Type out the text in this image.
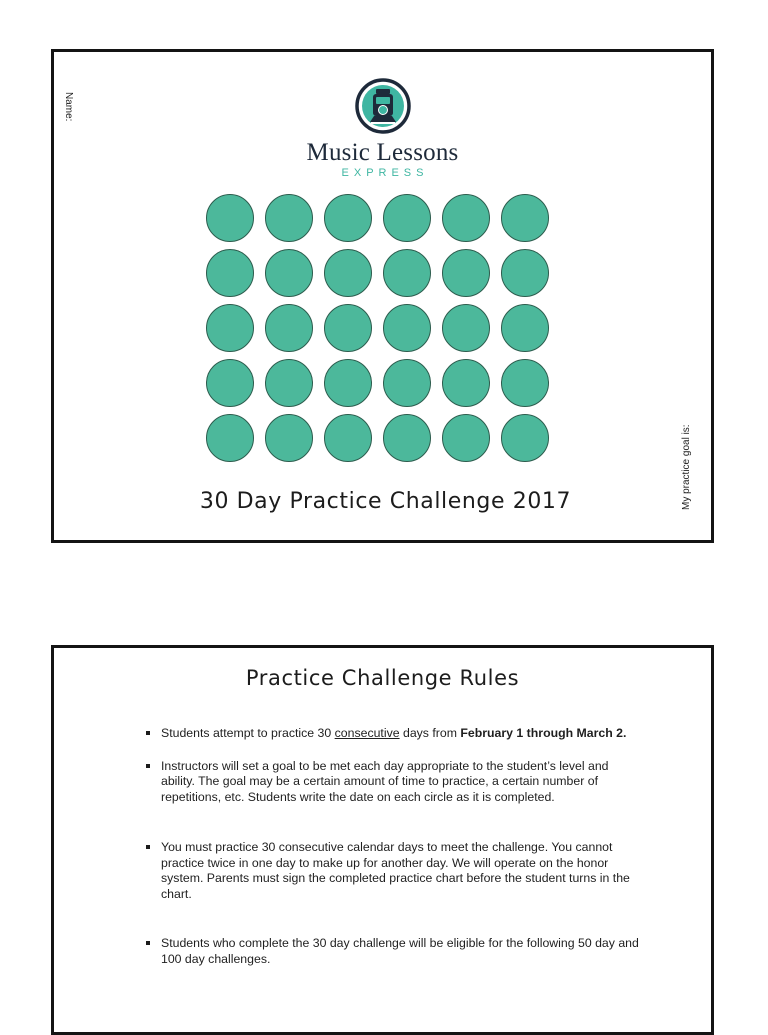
Name:
My practice goal is:
Music Lessons
EXPRESS
30 Day Practice Challenge 2017
Practice Challenge Rules
Students attempt to practice 30 consecutive days from February 1 through March 2.
Instructors will set a goal to be met each day appropriate to the student’s level and ability. The goal may be a certain amount of time to practice, a certain number of repetitions, etc. Students write the date on each circle as it is completed.
You must practice 30 consecutive calendar days to meet the challenge. You cannot practice twice in one day to make up for another day. We will operate on the honor system. Parents must sign the completed practice chart before the student turns in the chart.
Students who complete the 30 day challenge will be eligible for the following 50 day and 100 day challenges.
